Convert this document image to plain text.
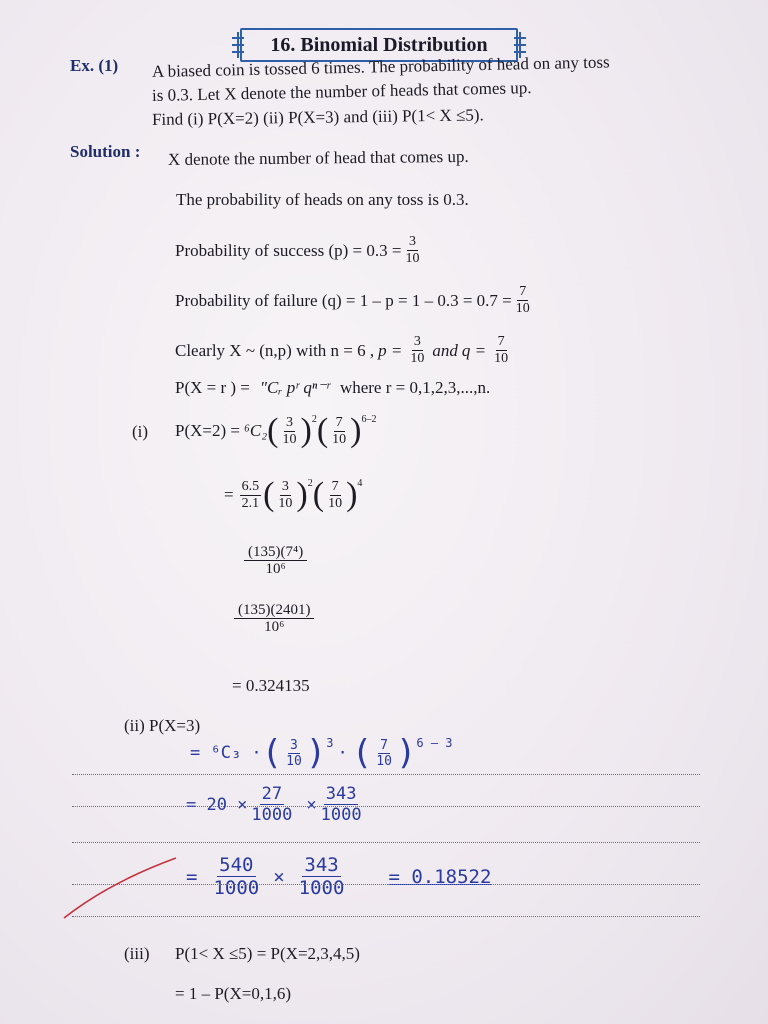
16. Binomial Distribution
Ex. (1) A biased coin is tossed 6 times. The probability of head on any toss
is 0.3. Let X denote the number of heads that comes up.
Find (i) P(X=2) (ii) P(X=3) and (iii) P(1< X ≤5).
Solution : X denote the number of head that comes up.
The probability of heads on any toss is 0.3.
Probability of success $(p) = 0.3 = \frac{3}{10}$
Probability of failure $(q) = 1 - p = 1 - 0.3 = 0.7 = \frac{7}{10}$
Clearly X ~ (n,p) with n = 6 , $p = \frac{3}{10}$ and $q = \frac{7}{10}$
P(X = r ) = "Cᵣ pʳ qⁿ⁻ʳ where r = 0,1,2,3,...,n.
(i) P(X=2) = ⁶C₂ ( $\frac{3}{10} )^2$ ( $\frac{7}{10} )^{6-2}$
= $\frac{6.5}{2.1}$ ( $\frac{3}{10} )^2$ ( $\frac{7}{10} )^4$
$\frac{\text{(135)(7⁴)}}{\text{10⁶}}$
$\frac{(135)(2401)}{\text{10⁶}}$
= 0.324135
(ii) P(X=3)
= ⁶C₃ · ( $\frac{3}{10} )^3$ · ( $\frac{7}{10} )^{6 - 3}$
= $20 \times \frac{27}{1000} \times \frac{343}{1000}$
= $\frac{540}{1000} \times \frac{343}{1000} = 0.18522$
(iii) P(1< X ≤5) = P(X=2,3,4,5)
= 1 – P(X=0,1,6)
